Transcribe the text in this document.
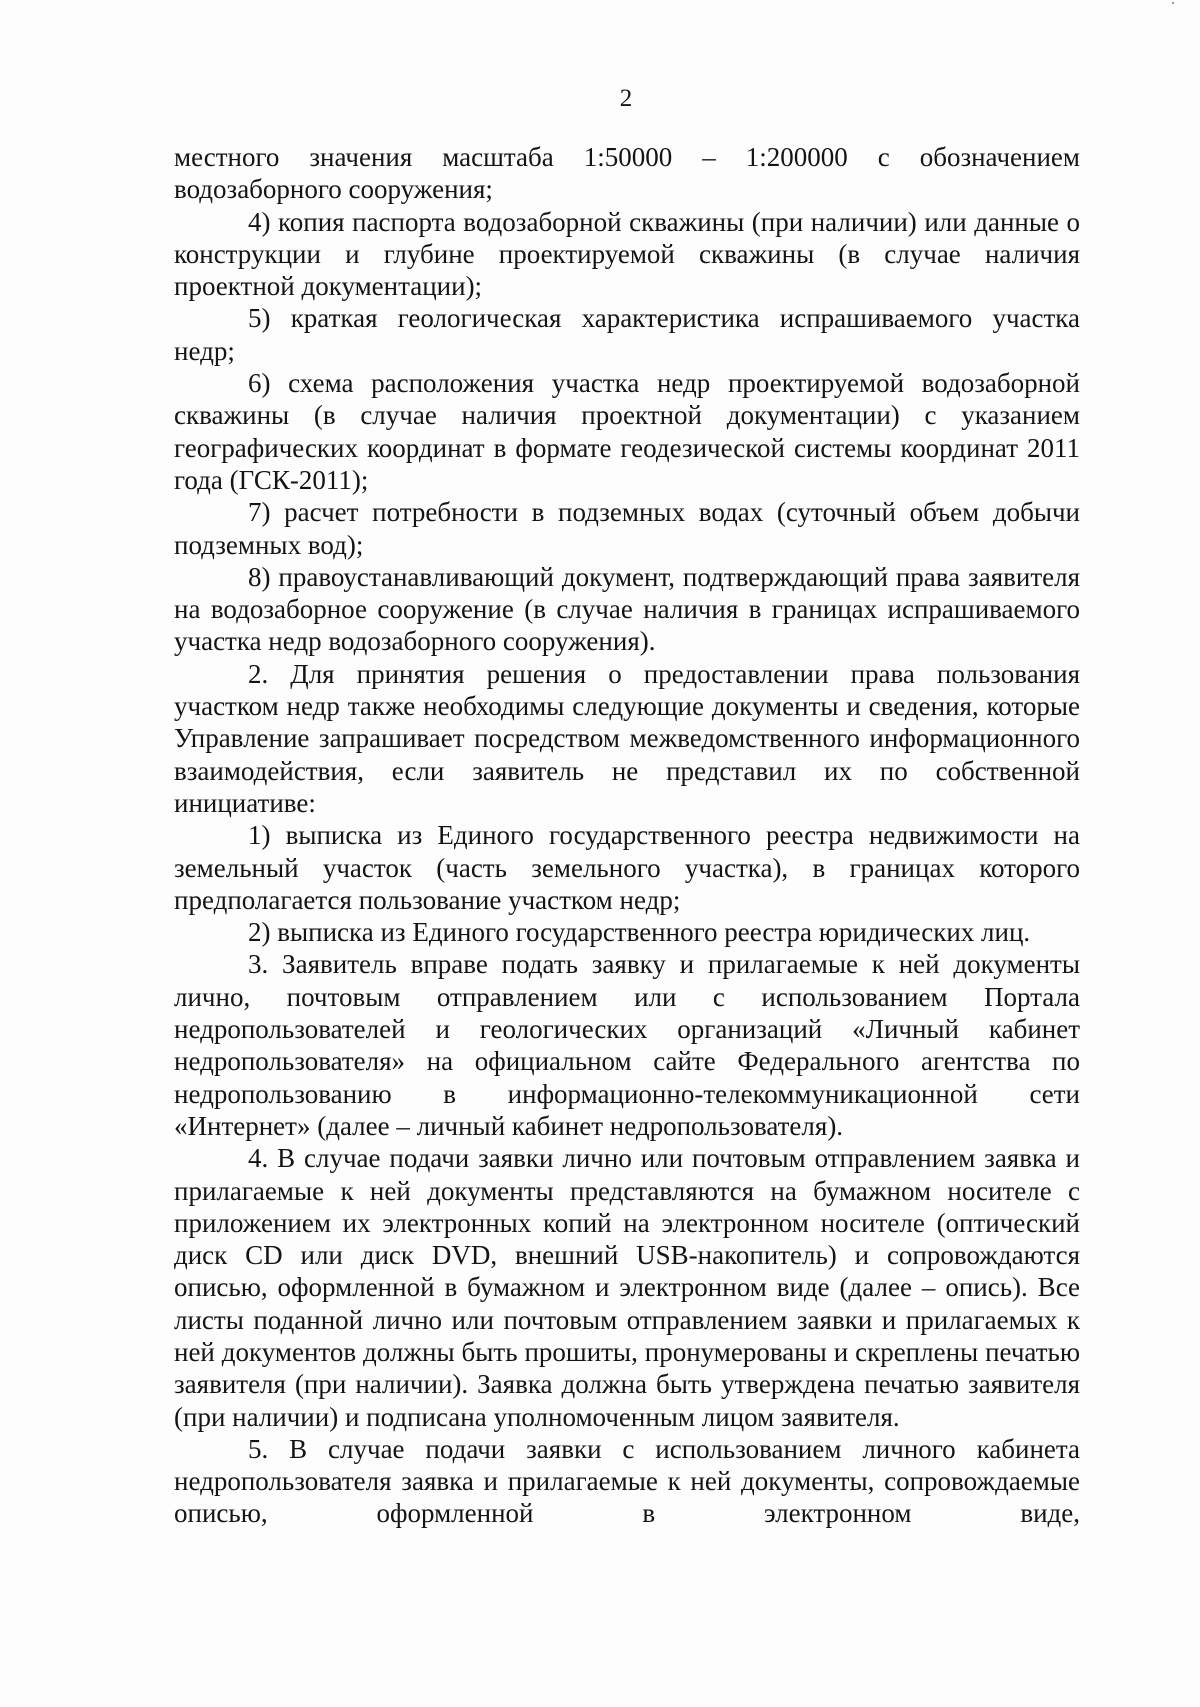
2

местного значения масштаба 1:50000 – 1:200000 с обозначением водозаборного сооружения;

4) копия паспорта водозаборной скважины (при наличии) или данные о конструкции и глубине проектируемой скважины (в случае наличия проектной документации);

5) краткая геологическая характеристика испрашиваемого участка недр;

6) схема расположения участка недр проектируемой водозаборной скважины (в случае наличия проектной документации) с указанием географических координат в формате геодезической системы координат 2011 года (ГСК-2011);

7) расчет потребности в подземных водах (суточный объем добычи подземных вод);

8) правоустанавливающий документ, подтверждающий права заявителя на водозаборное сооружение (в случае наличия в границах испрашиваемого участка недр водозаборного сооружения).

2. Для принятия решения о предоставлении права пользования участком недр также необходимы следующие документы и сведения, которые Управление запрашивает посредством межведомственного информационного взаимодействия, если заявитель не представил их по собственной инициативе:

1) выписка из Единого государственного реестра недвижимости на земельный участок (часть земельного участка), в границах которого предполагается пользование участком недр;

2) выписка из Единого государственного реестра юридических лиц.

3. Заявитель вправе подать заявку и прилагаемые к ней документы лично, почтовым отправлением или с использованием Портала недропользователей и геологических организаций «Личный кабинет недропользователя» на официальном сайте Федерального агентства по недропользованию в информационно-телекоммуникационной сети «Интернет» (далее – личный кабинет недропользователя).

4. В случае подачи заявки лично или почтовым отправлением заявка и прилагаемые к ней документы представляются на бумажном носителе с приложением их электронных копий на электронном носителе (оптический диск CD или диск DVD, внешний USB-накопитель) и сопровождаются описью, оформленной в бумажном и электронном виде (далее – опись). Все листы поданной лично или почтовым отправлением заявки и прилагаемых к ней документов должны быть прошиты, пронумерованы и скреплены печатью заявителя (при наличии). Заявка должна быть утверждена печатью заявителя (при наличии) и подписана уполномоченным лицом заявителя.

5. В случае подачи заявки с использованием личного кабинета недропользователя заявка и прилагаемые к ней документы, сопровождаемые описью, оформленной в электронном виде,
